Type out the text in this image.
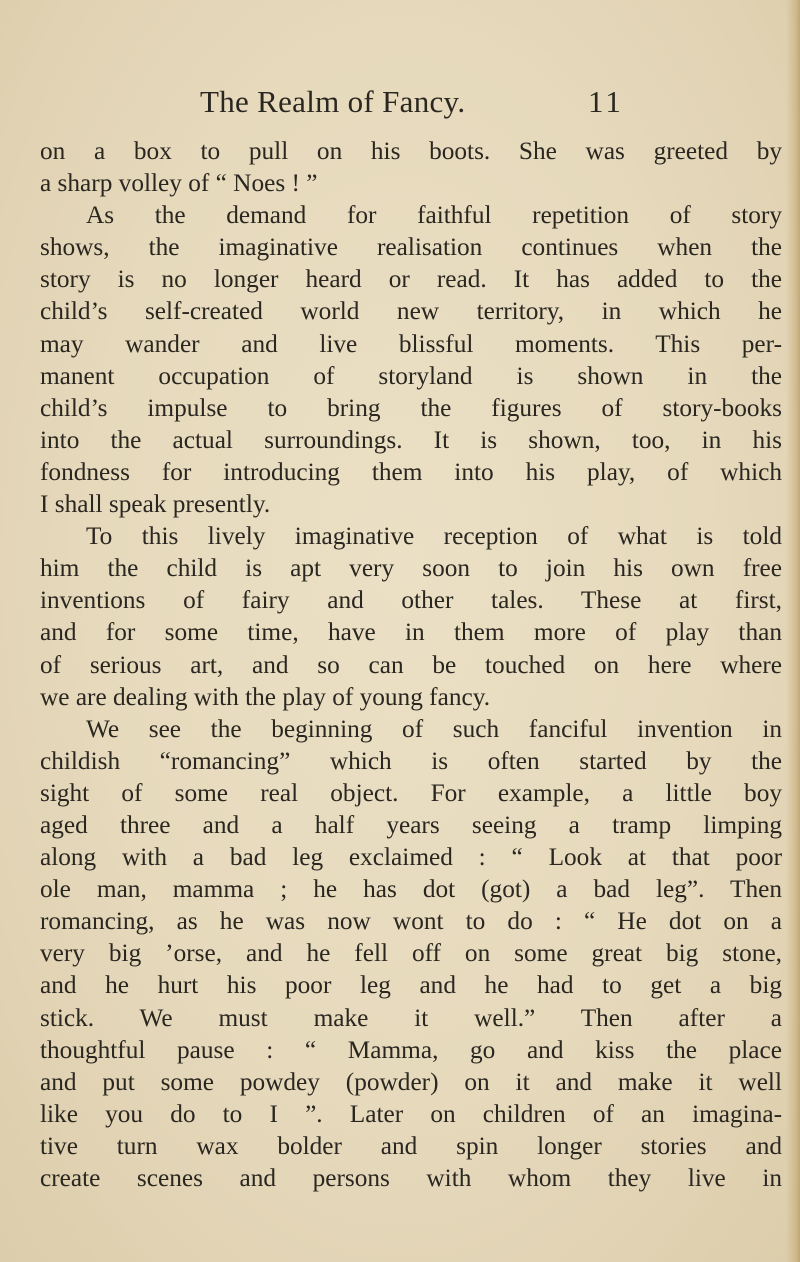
The Realm of Fancy.	11
on a box to pull on his boots. She was greeted by
a sharp volley of “ Noes ! ”
As the demand for faithful repetition of story
shows, the imaginative realisation continues when the
story is no longer heard or read. It has added to the
child’s self-created world new territory, in which he
may wander and live blissful moments. This per-
manent occupation of storyland is shown in the
child’s impulse to bring the figures of story-books
into the actual surroundings. It is shown, too, in his
fondness for introducing them into his play, of which
I shall speak presently.
To this lively imaginative reception of what is told
him the child is apt very soon to join his own free
inventions of fairy and other tales. These at first,
and for some time, have in them more of play than
of serious art, and so can be touched on here where
we are dealing with the play of young fancy.
We see the beginning of such fanciful invention in
childish “romancing” which is often started by the
sight of some real object. For example, a little boy
aged three and a half years seeing a tramp limping
along with a bad leg exclaimed : “ Look at that poor
ole man, mamma ; he has dot (got) a bad leg”. Then
romancing, as he was now wont to do : “ He dot on a
very big ’orse, and he fell off on some great big stone,
and he hurt his poor leg and he had to get a big
stick. We must make it well.” Then after a
thoughtful pause : “ Mamma, go and kiss the place
and put some powdey (powder) on it and make it well
like you do to I ”. Later on children of an imagina-
tive turn wax bolder and spin longer stories and
create scenes and persons with whom they live in
